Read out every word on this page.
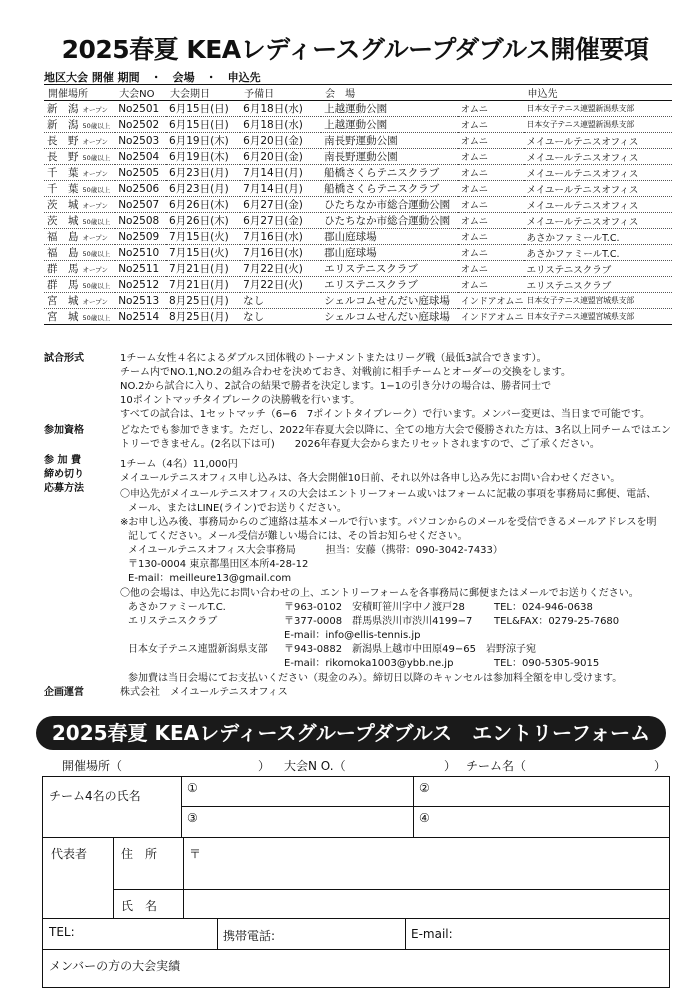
2025春夏 KEAレディースグループダブルス開催要項
地区大会 開催 期間　・　会場　・　申込先
開催場所	大会NO	大会期日	予備日	会　場		申込先
新　潟 オープン	No2501	6月15日(日)	6月18日(水)	上越運動公園	オムニ	日本女子テニス連盟新潟県支部
新　潟 50歳以上	No2502	6月15日(日)	6月18日(水)	上越運動公園	オムニ	日本女子テニス連盟新潟県支部
長　野 オープン	No2503	6月19日(木)	6月20日(金)	南長野運動公園	オムニ	メイユールテニスオフィス
長　野 50歳以上	No2504	6月19日(木)	6月20日(金)	南長野運動公園	オムニ	メイユールテニスオフィス
千　葉 オープン	No2505	6月23日(月)	7月14日(月)	船橋さくらテニスクラブ	オムニ	メイユールテニスオフィス
千　葉 50歳以上	No2506	6月23日(月)	7月14日(月)	船橋さくらテニスクラブ	オムニ	メイユールテニスオフィス
茨　城 オープン	No2507	6月26日(木)	6月27日(金)	ひたちなか市総合運動公園	オムニ	メイユールテニスオフィス
茨　城 50歳以上	No2508	6月26日(木)	6月27日(金)	ひたちなか市総合運動公園	オムニ	メイユールテニスオフィス
福　島 オープン	No2509	7月15日(火)	7月16日(水)	郡山庭球場	オムニ	あさかファミールT.C.
福　島 50歳以上	No2510	7月15日(火)	7月16日(水)	郡山庭球場	オムニ	あさかファミールT.C.
群　馬 オープン	No2511	7月21日(月)	7月22日(火)	エリステニスクラブ	オムニ	エリステニスクラブ
群　馬 50歳以上	No2512	7月21日(月)	7月22日(火)	エリステニスクラブ	オムニ	エリステニスクラブ
宮　城 オープン	No2513	8月25日(月)	なし	シェルコムせんだい庭球場	インドアオムニ	日本女子テニス連盟宮城県支部
宮　城 50歳以上	No2514	8月25日(月)	なし	シェルコムせんだい庭球場	インドアオムニ	日本女子テニス連盟宮城県支部
試合形式	1チーム女性４名によるダブルス団体戦のトーナメントまたはリーグ戦（最低3試合できます）。
チーム内でNO.1,NO.2の組み合わせを決めておき、対戦前に相手チームとオーダーの交換をします。
NO.2から試合に入り、2試合の結果で勝者を決定します。1−1の引き分けの場合は、勝者同士で
10ポイントマッチタイブレークの決勝戦を行います。
すべての試合は、1セットマッチ（6−6　7ポイントタイブレーク）で行います。メンバー変更は、当日まで可能です。
参加資格	どなたでも参加できます。ただし、2022年春夏大会以降に、全ての地方大会で優勝された方は、3名以上同チームではエン
トリーできません。(2名以下は可)　　2026年春夏大会からまたリセットされますので、ご了承ください。
参 加 費	1チーム（4名）11,000円
締め切り	メイユールテニスオフィス申し込みは、各大会開催10日前、それ以外は各申し込み先にお問い合わせください。
応募方法
〇申込先がメイユールテニスオフィスの大会はエントリーフォーム或いはフォームに記載の事項を事務局に郵便、電話、
メール、またはLINE(ライン)でお送りください。
※お申し込み後、事務局からのご連絡は基本メールで行います。パソコンからのメールを受信できるメールアドレスを明
記してください。メール受信が難しい場合には、その旨お知らせください。
メイユールテニスオフィス大会事務局　　　担当：安藤（携帯：090-3042-7433）
〒130-0004 東京都墨田区本所4-28-12
E-mail：meilleure13@gmail.com
〇他の会場は、申込先にお問い合わせの上、エントリーフォームを各事務局に郵便またはメールでお送りください。
あさかファミールT.C.	〒963-0102　安積町笹川字中ノ渡戸28	TEL：024-946-0638
エリステニスクラブ	〒377-0008　群馬県渋川市渋川4199−7 TEL&FAX：0279-25-7680
E-mail：info@ellis-tennis.jp
日本女子テニス連盟新潟県支部 〒943-0882　新潟県上越市中田原49−65　岩野涼子宛
E-mail：rikomoka1003@ybb.ne.jp	TEL：090-5305-9015
参加費は当日会場にてお支払いください（現金のみ）。締切日以降のキャンセルは参加料全額を申し受けます。
企画運営	株式会社　メイユールテニスオフィス
2025春夏 KEAレディースグループダブルス　エントリーフォーム
開催場所（	） 大会N O.（	） チーム名（	）
チーム4名の氏名
①	②
③	④
代表者	住　所	〒
氏　名
TEL:	携帯電話:	E-mail:
メンバーの方の大会実績
